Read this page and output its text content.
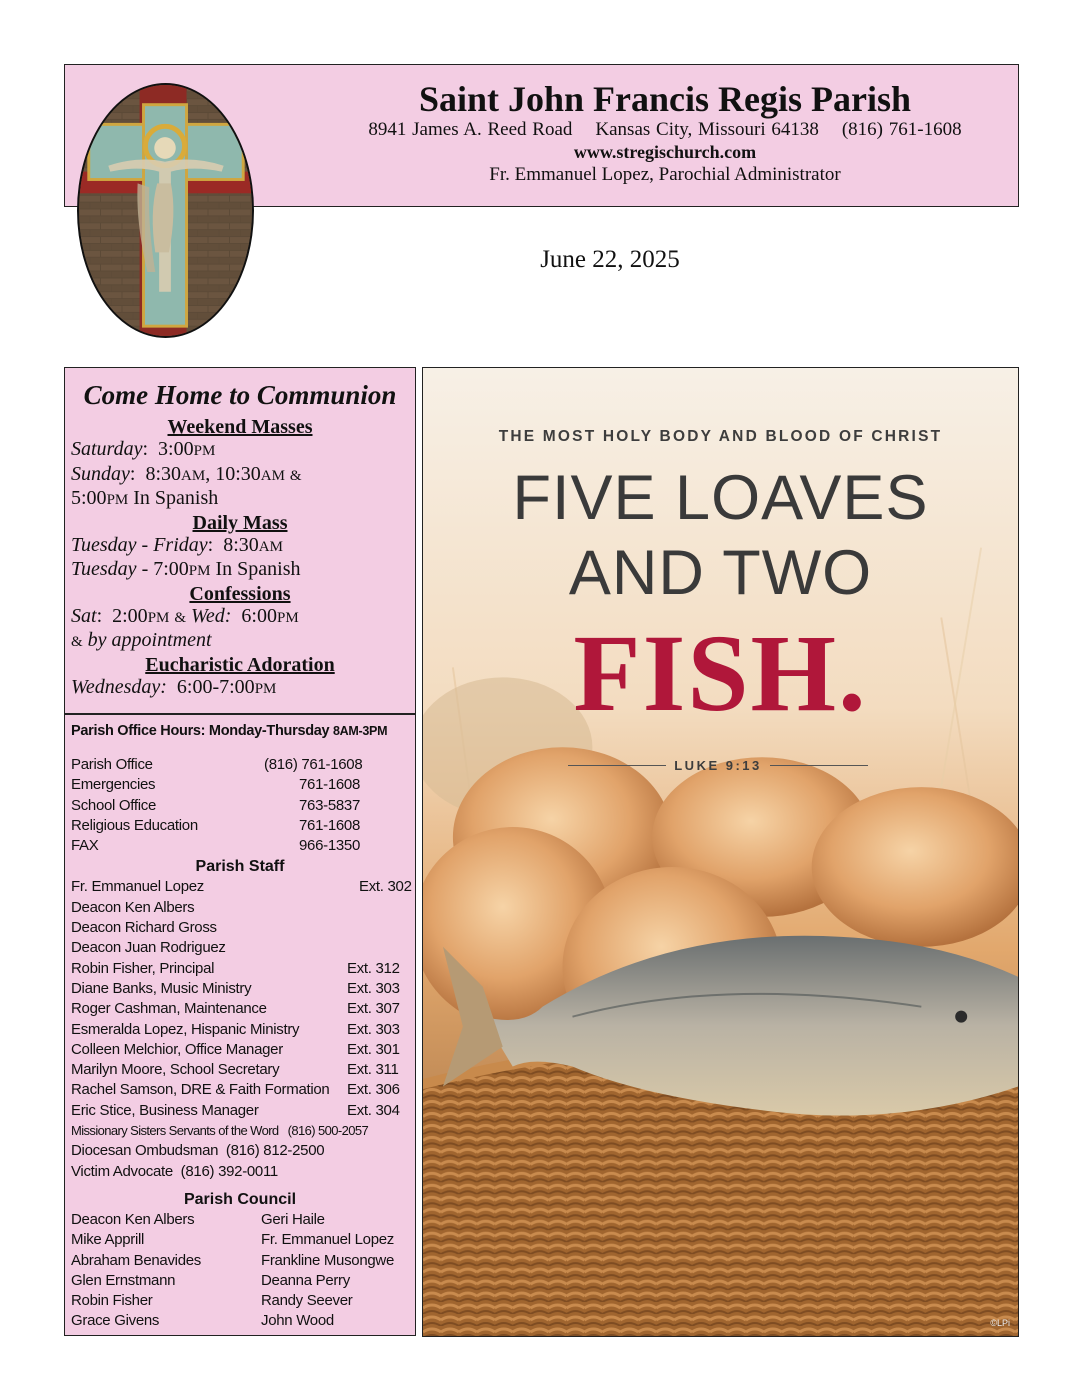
Saint John Francis Regis Parish
8941 James A. Reed Road    Kansas City, Missouri 64138    (816) 761-1608
www.stregischurch.com
Fr. Emmanuel Lopez, Parochial Administrator
June 22, 2025
Come Home to Communion
Weekend Masses
Saturday:  3:00PM
Sunday:  8:30AM, 10:30AM &
5:00PM In Spanish
Daily Mass
Tuesday - Friday:  8:30AM
Tuesday - 7:00PM In Spanish
Confessions
Sat:  2:00PM & Wed: 6:00PM
& by appointment
Eucharistic Adoration
Wednesday: 6:00-7:00PM
Parish Office Hours: Monday-Thursday 8AM-3PM
Parish Office	(816) 761-1608
Emergencies	761-1608
School Office	763-5837
Religious Education	761-1608
FAX	966-1350
Parish Staff
Fr. Emmanuel Lopez	Ext. 302
Deacon Ken Albers
Deacon Richard Gross
Deacon Juan Rodriguez
Robin Fisher, Principal	Ext. 312
Diane Banks, Music Ministry	Ext. 303
Roger Cashman, Maintenance	Ext. 307
Esmeralda Lopez, Hispanic Ministry	Ext. 303
Colleen Melchior, Office Manager	Ext. 301
Marilyn Moore, School Secretary	Ext. 311
Rachel Samson, DRE & Faith Formation	Ext. 306
Eric Stice, Business Manager	Ext. 304
Missionary Sisters Servants of the Word   (816) 500-2057
Diocesan Ombudsman  (816) 812-2500
Victim Advocate  (816) 392-0011
Parish Council
Deacon Ken Albers	Geri Haile
Mike Apprill	Fr. Emmanuel Lopez
Abraham Benavides	Frankline Musongwe
Glen Ernstmann	Deanna Perry
Robin Fisher	Randy Seever
Grace Givens	John Wood
THE MOST HOLY BODY AND BLOOD OF CHRIST
FIVE LOAVES
AND TWO
FISH.
LUKE 9:13
©LPi
